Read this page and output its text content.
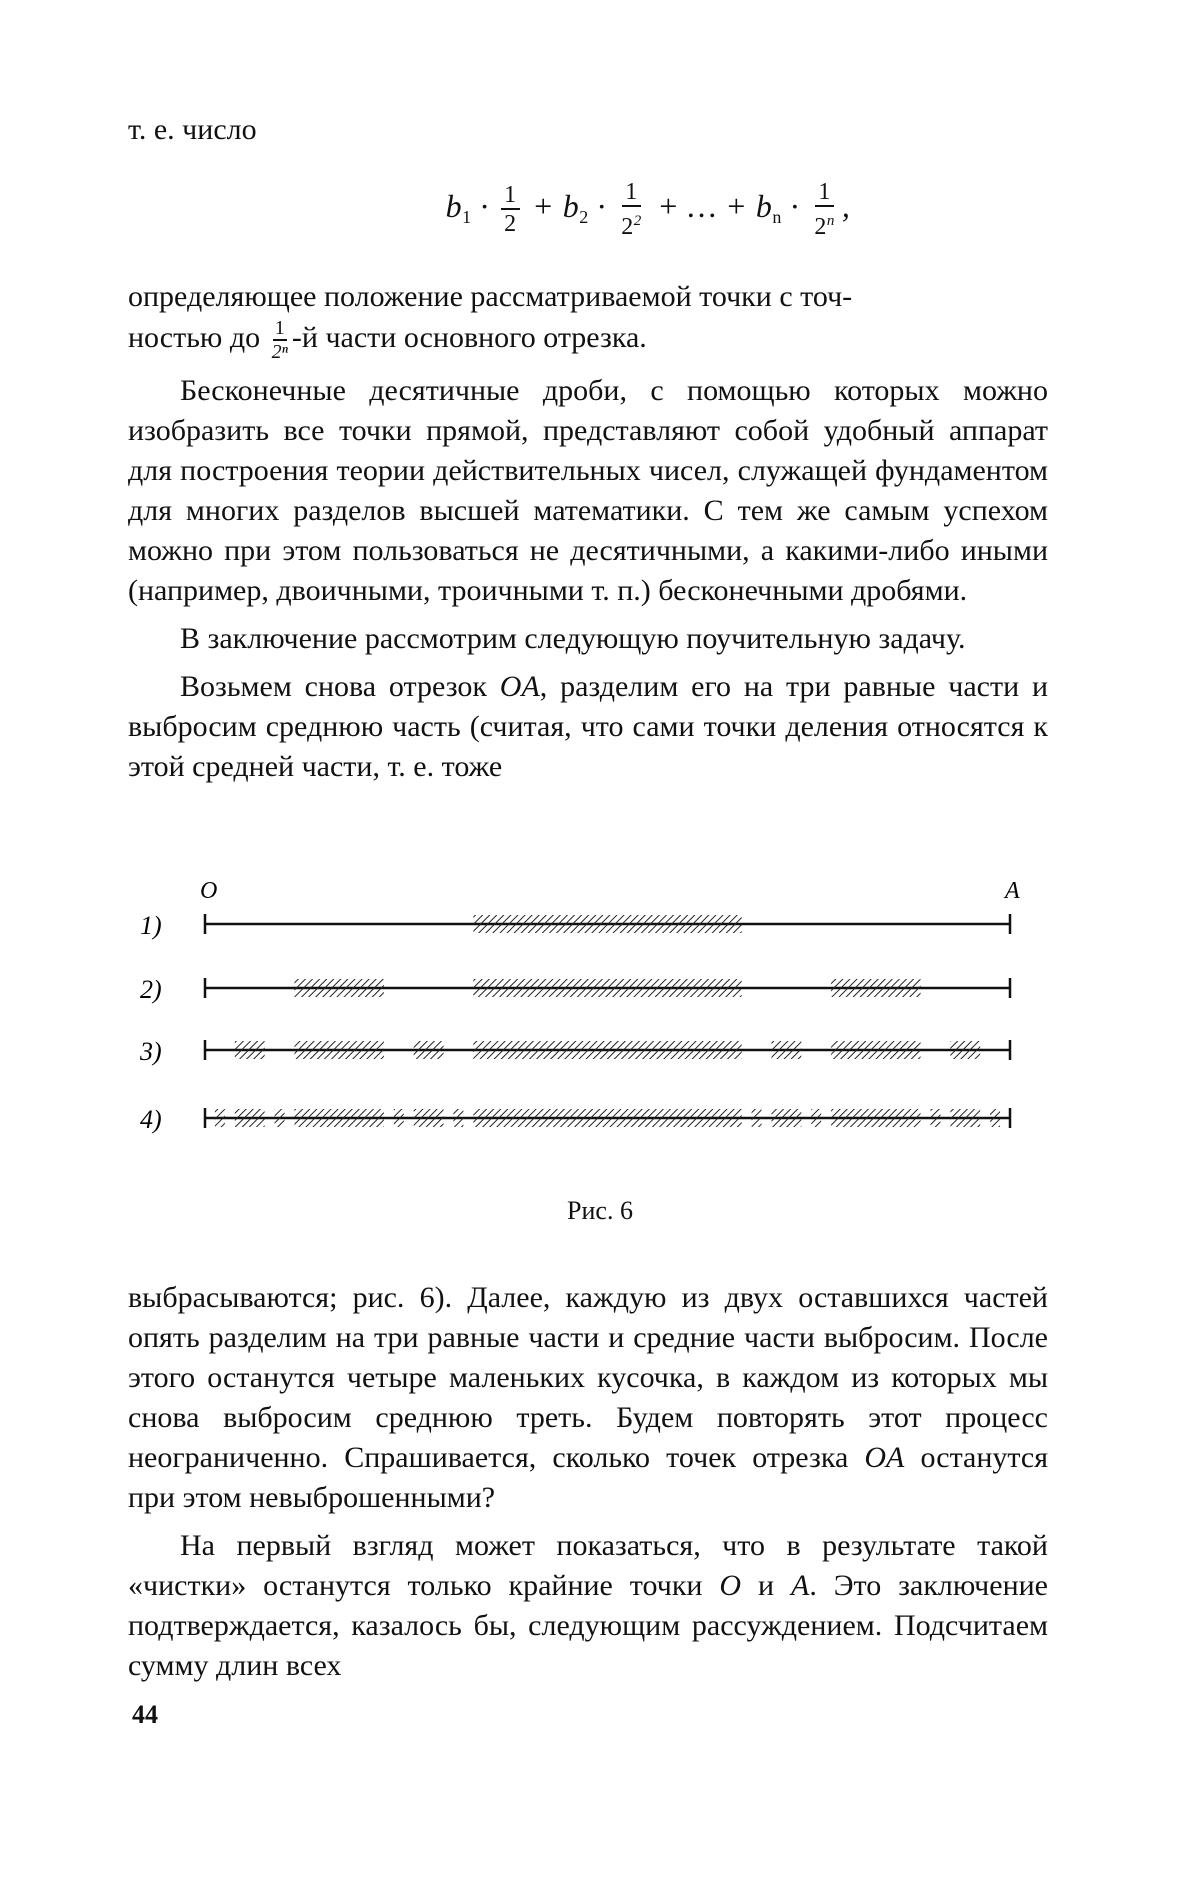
т. е. число

$b_1 \cdot \frac{1}{2} + b_2 \cdot \frac{1}{2^2}$ + … + $b_n \cdot \frac{1}{2^n}$ ,

определяющее положение рассматриваемой точки с точ-
ностью до $\frac{1}{\text{2ⁿ}} -й$ части основного отрезка.

Бесконечные десятичные дроби, с помощью которых можно изобразить все точки прямой, представляют собой удобный аппарат для построения теории действительных чисел, служащей фундаментом для многих разделов высшей математики. С тем же самым успехом можно при этом пользоваться не десятичными, а какими-либо иными (например, двоичными, троичными т. п.) бесконечными дробями.

В заключение рассмотрим следующую поучительную задачу.

Возьмем снова отрезок OA, разделим его на три равные части и выбросим среднюю часть (считая, что сами точки деления относятся к этой средней части, т. е. тоже

O	A
1)
2)
3)
4)
Рис. 6

выбрасываются; рис. 6). Далее, каждую из двух оставшихся частей опять разделим на три равные части и средние части выбросим. После этого останутся четыре маленьких кусочка, в каждом из которых мы снова выбросим среднюю треть. Будем повторять этот процесс неограниченно. Спрашивается, сколько точек отрезка OA останутся при этом невыброшенными?

На первый взгляд может показаться, что в результате такой «чистки» останутся только крайние точки O и A. Это заключение подтверждается, казалось бы, следующим рассуждением. Подсчитаем сумму длин всех

44
